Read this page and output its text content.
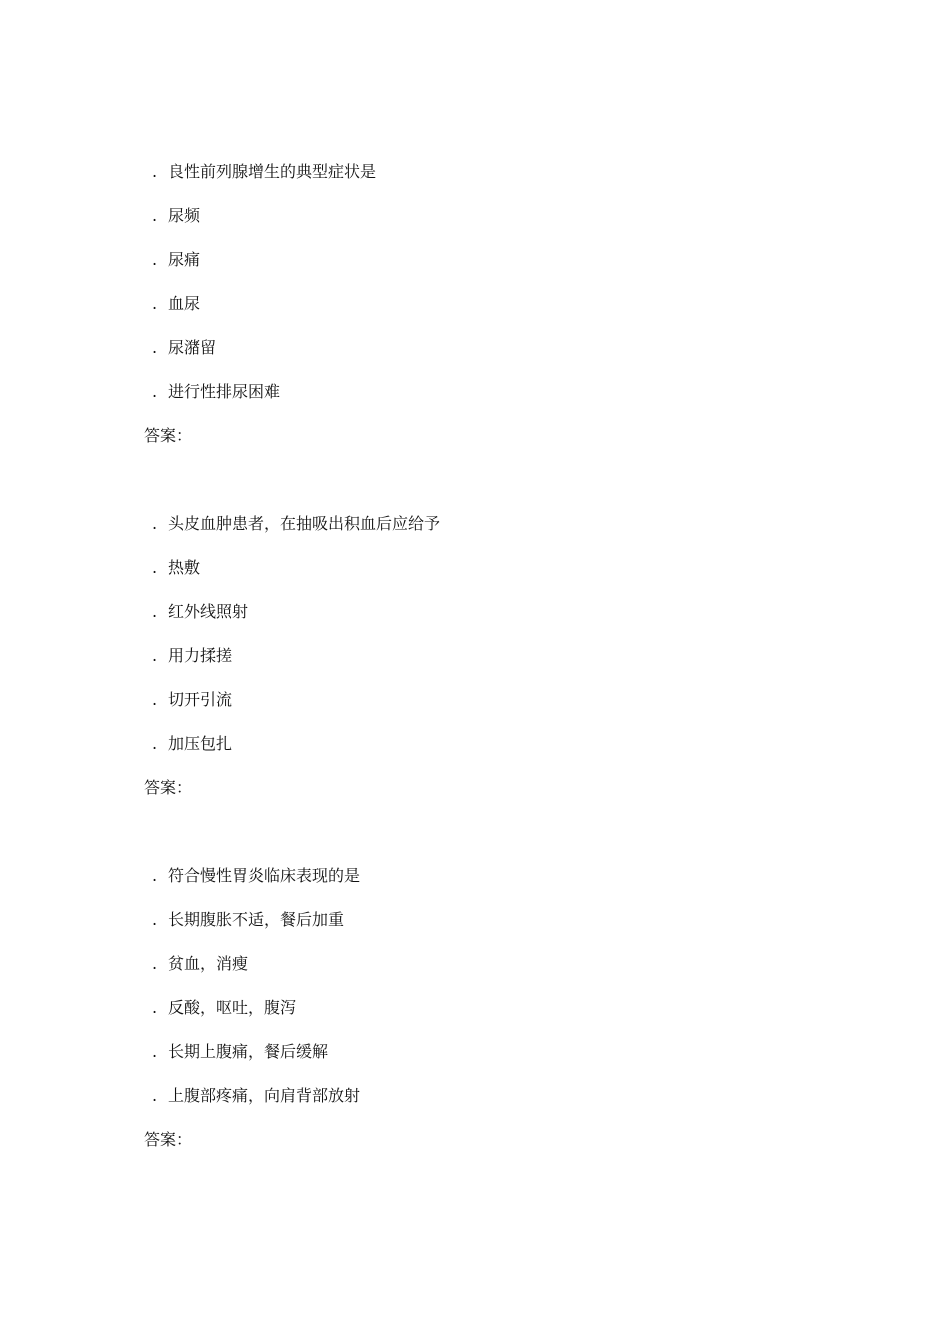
. 良性前列腺增生的典型症状是
. 尿频
. 尿痛
. 血尿
. 尿潴留
. 进行性排尿困难
答案：
. 头皮血肿患者，在抽吸出积血后应给予
. 热敷
. 红外线照射
. 用力揉搓
. 切开引流
. 加压包扎
答案：
. 符合慢性胃炎临床表现的是
. 长期腹胀不适，餐后加重
. 贫血，消瘦
. 反酸，呕吐，腹泻
. 长期上腹痛，餐后缓解
. 上腹部疼痛，向肩背部放射
答案：
